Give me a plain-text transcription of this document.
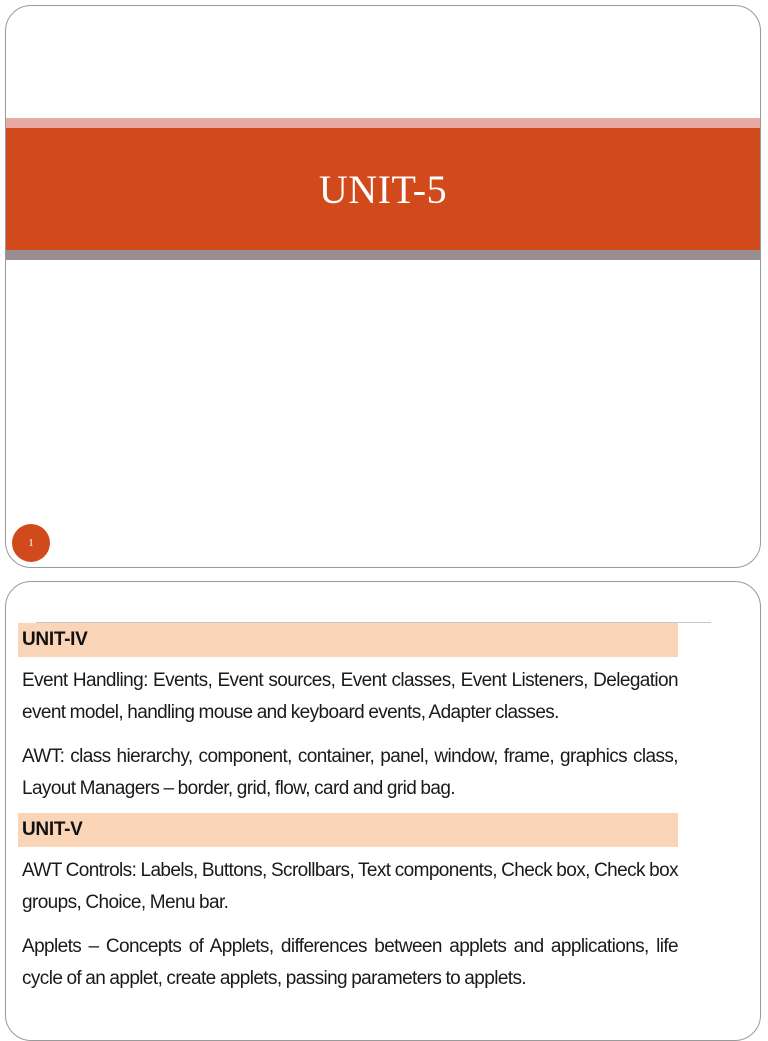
UNIT-5
1
UNIT-IV
Event Handling: Events, Event sources, Event classes, Event Listeners, Delegation event model, handling mouse and keyboard events, Adapter classes.
AWT: class hierarchy, component, container, panel, window, frame, graphics class, Layout Managers – border, grid, flow, card and grid bag.
UNIT-V
AWT Controls: Labels, Buttons, Scrollbars, Text components, Check box, Check box groups, Choice, Menu bar.
Applets – Concepts of Applets, differences between applets and applications, life cycle of an applet, create applets, passing parameters to applets.
